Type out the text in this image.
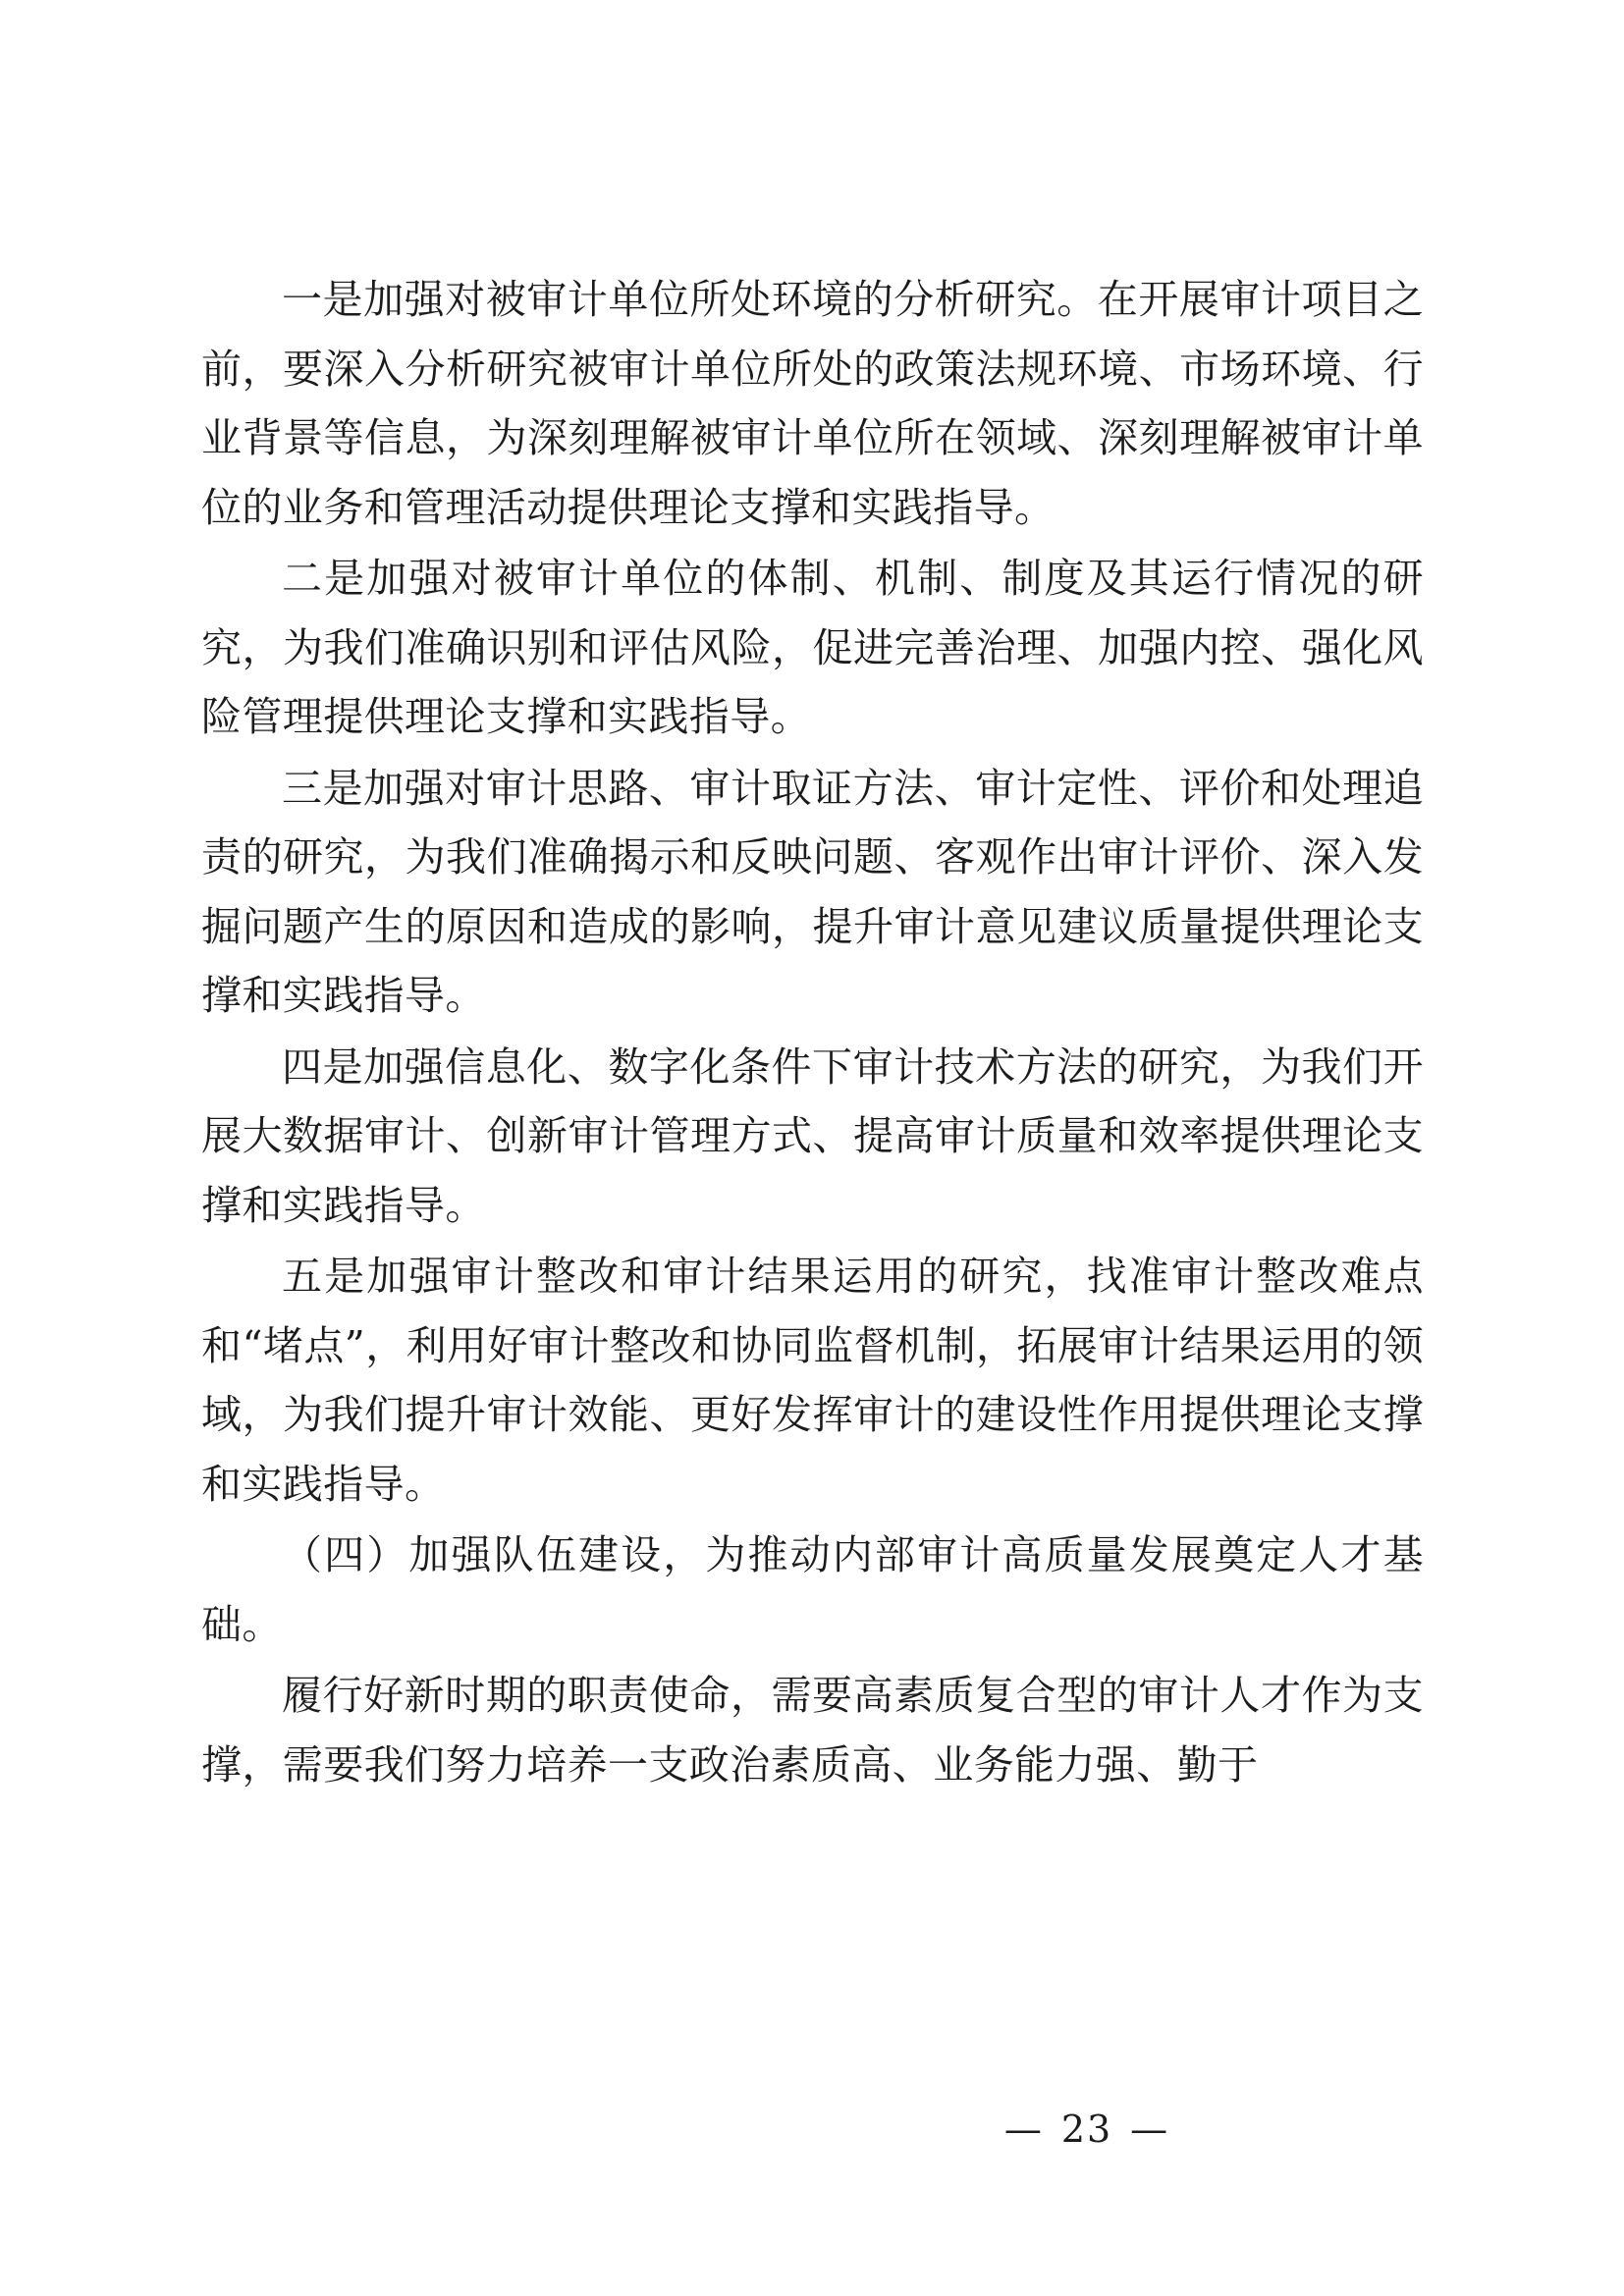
一是加强对被审计单位所处环境的分析研究。在开展审计项目之前，要深入分析研究被审计单位所处的政策法规环境、市场环境、行业背景等信息，为深刻理解被审计单位所在领域、深刻理解被审计单位的业务和管理活动提供理论支撑和实践指导。

二是加强对被审计单位的体制、机制、制度及其运行情况的研究，为我们准确识别和评估风险，促进完善治理、加强内控、强化风险管理提供理论支撑和实践指导。

三是加强对审计思路、审计取证方法、审计定性、评价和处理追责的研究，为我们准确揭示和反映问题、客观作出审计评价、深入发掘问题产生的原因和造成的影响，提升审计意见建议质量提供理论支撑和实践指导。

四是加强信息化、数字化条件下审计技术方法的研究，为我们开展大数据审计、创新审计管理方式、提高审计质量和效率提供理论支撑和实践指导。

五是加强审计整改和审计结果运用的研究，找准审计整改难点和“堵点”，利用好审计整改和协同监督机制，拓展审计结果运用的领域，为我们提升审计效能、更好发挥审计的建设性作用提供理论支撑和实践指导。

（四）加强队伍建设，为推动内部审计高质量发展奠定人才基础。

履行好新时期的职责使命，需要高素质复合型的审计人才作为支撑，需要我们努力培养一支政治素质高、业务能力强、勤于

— 23 —
